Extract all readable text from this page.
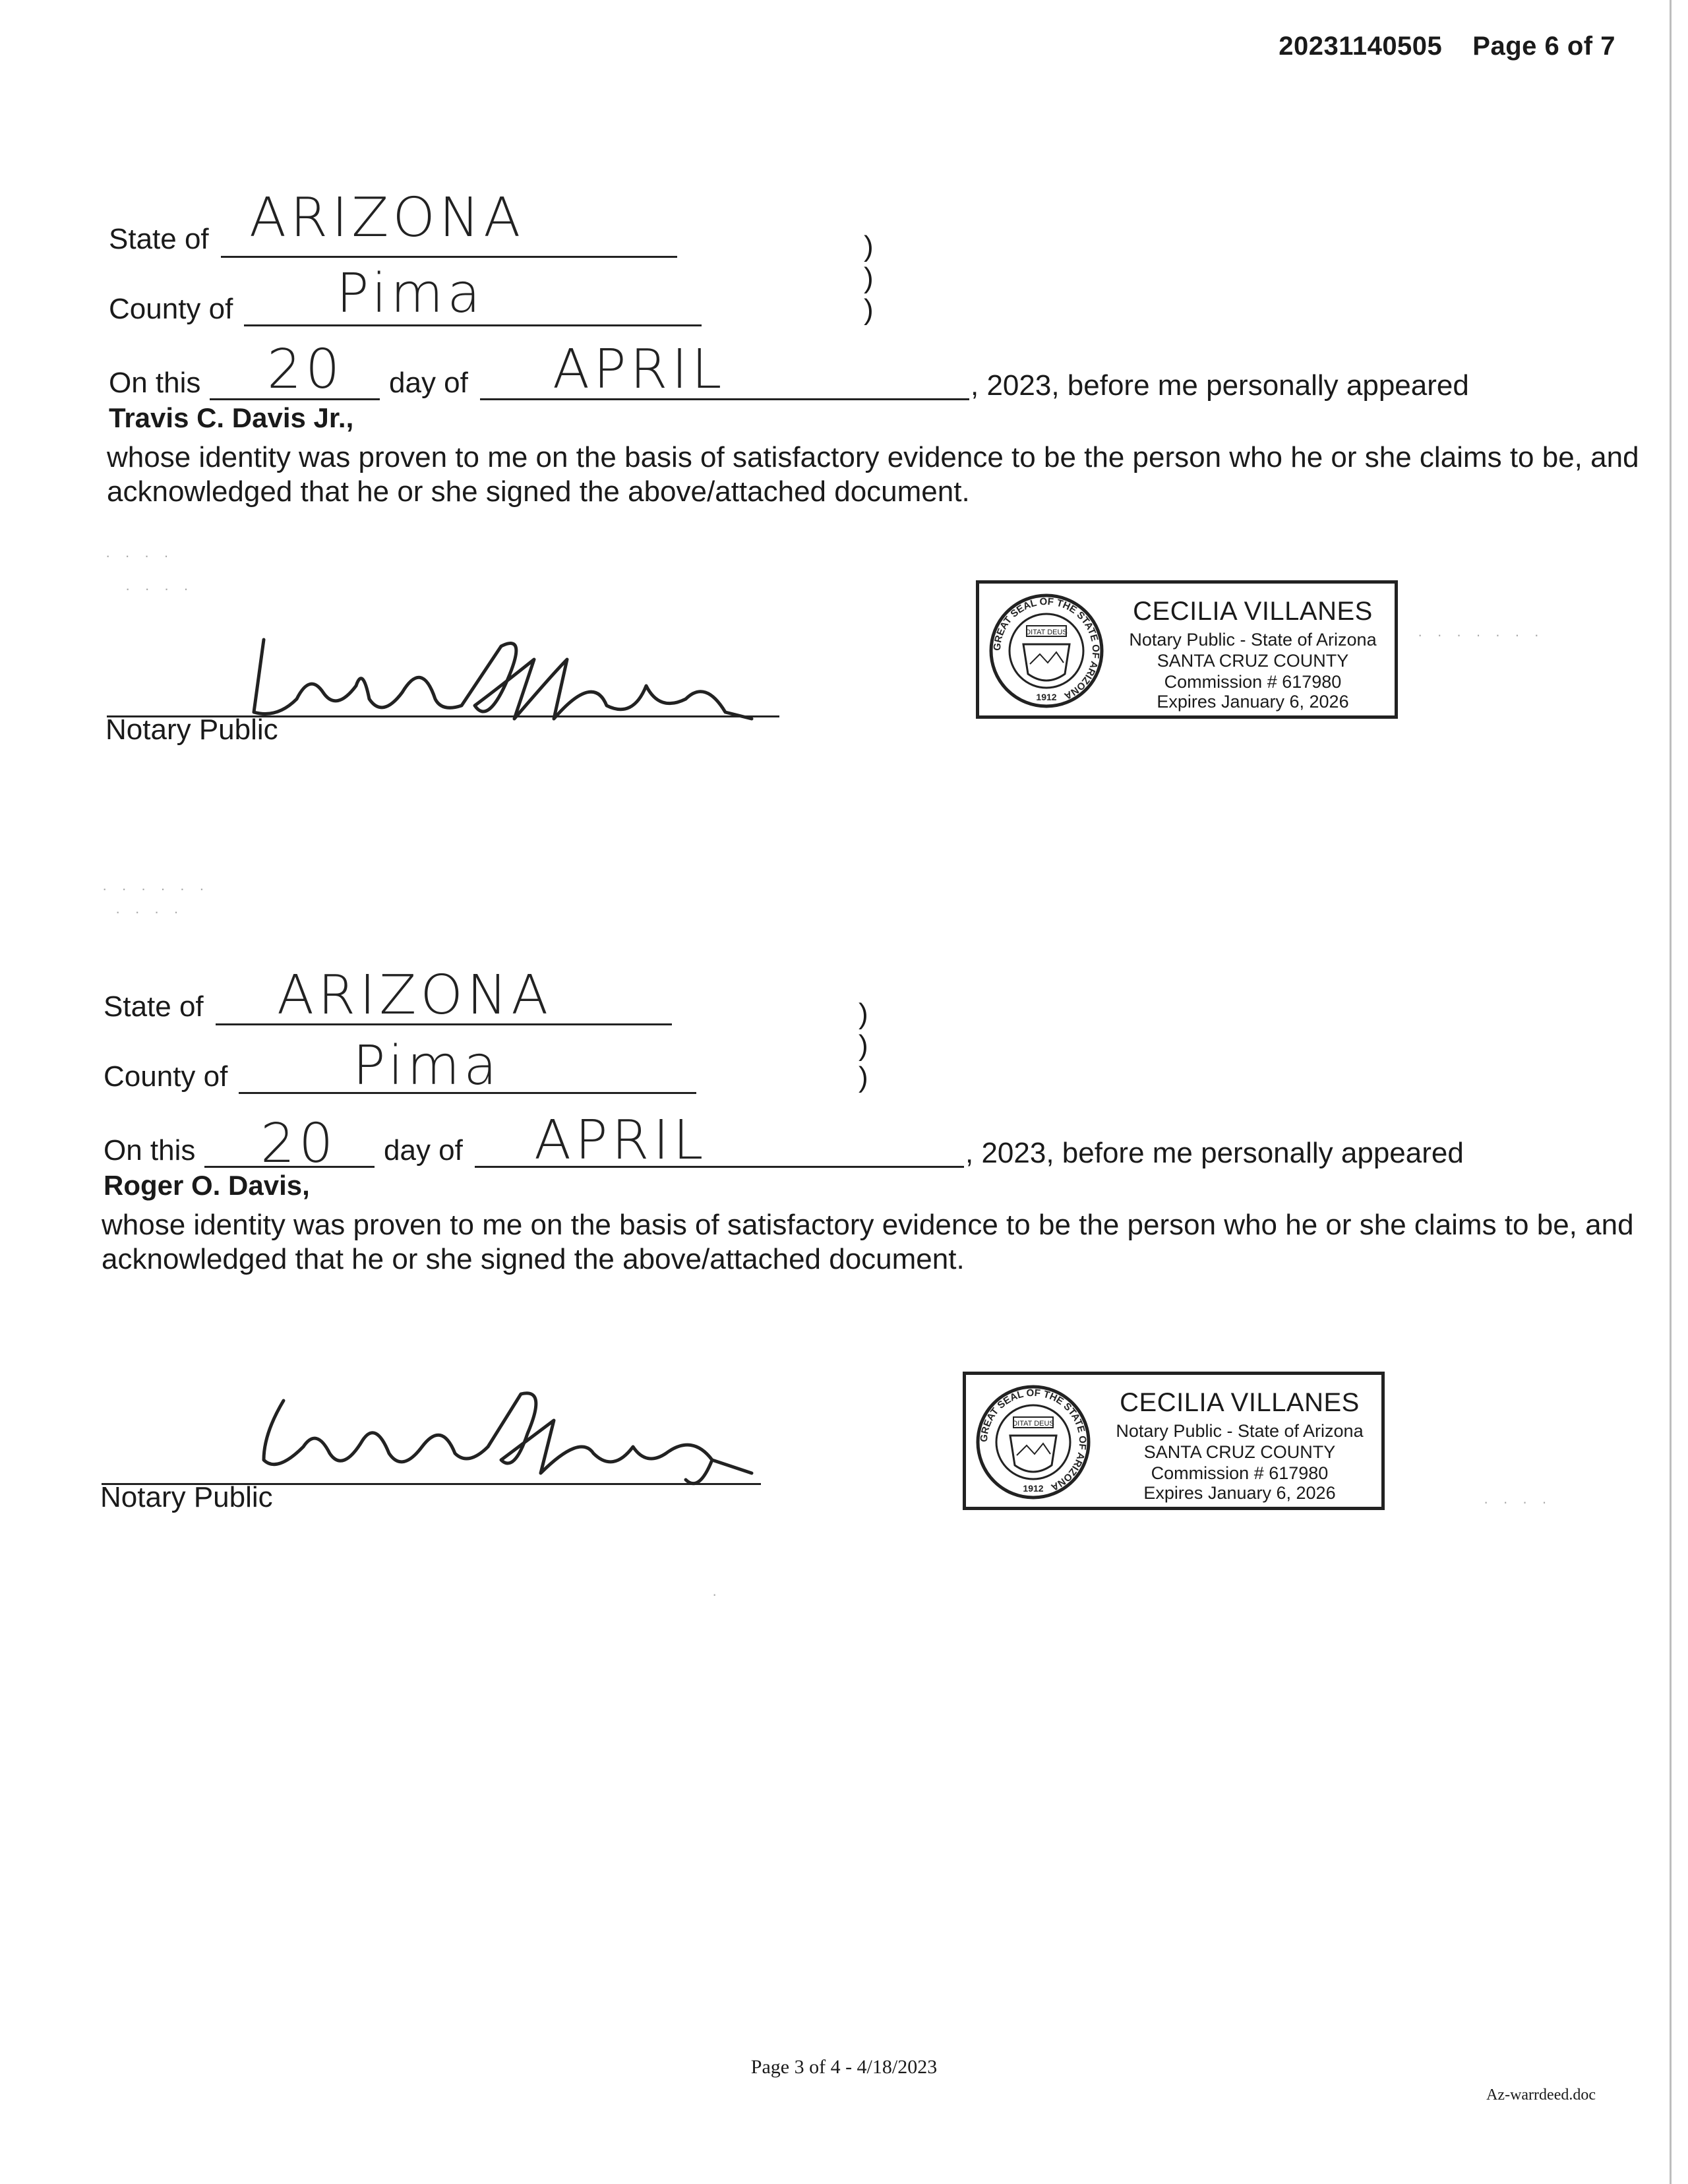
20231140505 Page 6 of 7
State of ARIZONA	)
)
)
County of Pima
On this 20 day of APRIL	, 2023, before me personally appeared
Travis C. Davis Jr.,
whose identity was proven to me on the basis of satisfactory evidence to be the person who he or she claims to be, and acknowledged that he or she signed the above/attached document.
· · · ·
· · · ·
· · · · · · ·
Notary Public
GREAT SEAL OF THE STATE OF ARIZONA
DITAT DEUS
1912
CECILIA VILLANES
Notary Public - State of Arizona
SANTA CRUZ COUNTY
Commission # 617980
Expires January 6, 2026
· · · · · ·
· · · ·
State of ARIZONA	)
)
)
County of Pima
On this 20 day of APRIL	, 2023, before me personally appeared
Roger O. Davis,
whose identity was proven to me on the basis of satisfactory evidence to be the person who he or she claims to be, and acknowledged that he or she signed the above/attached document.
Notary Public
GREAT SEAL OF THE STATE OF ARIZONA
DITAT DEUS
1912
CECILIA VILLANES
Notary Public - State of Arizona
SANTA CRUZ COUNTY
Commission # 617980
Expires January 6, 2026	· · · ·
·
Page 3 of 4 - 4/18/2023
Az-warrdeed.doc
